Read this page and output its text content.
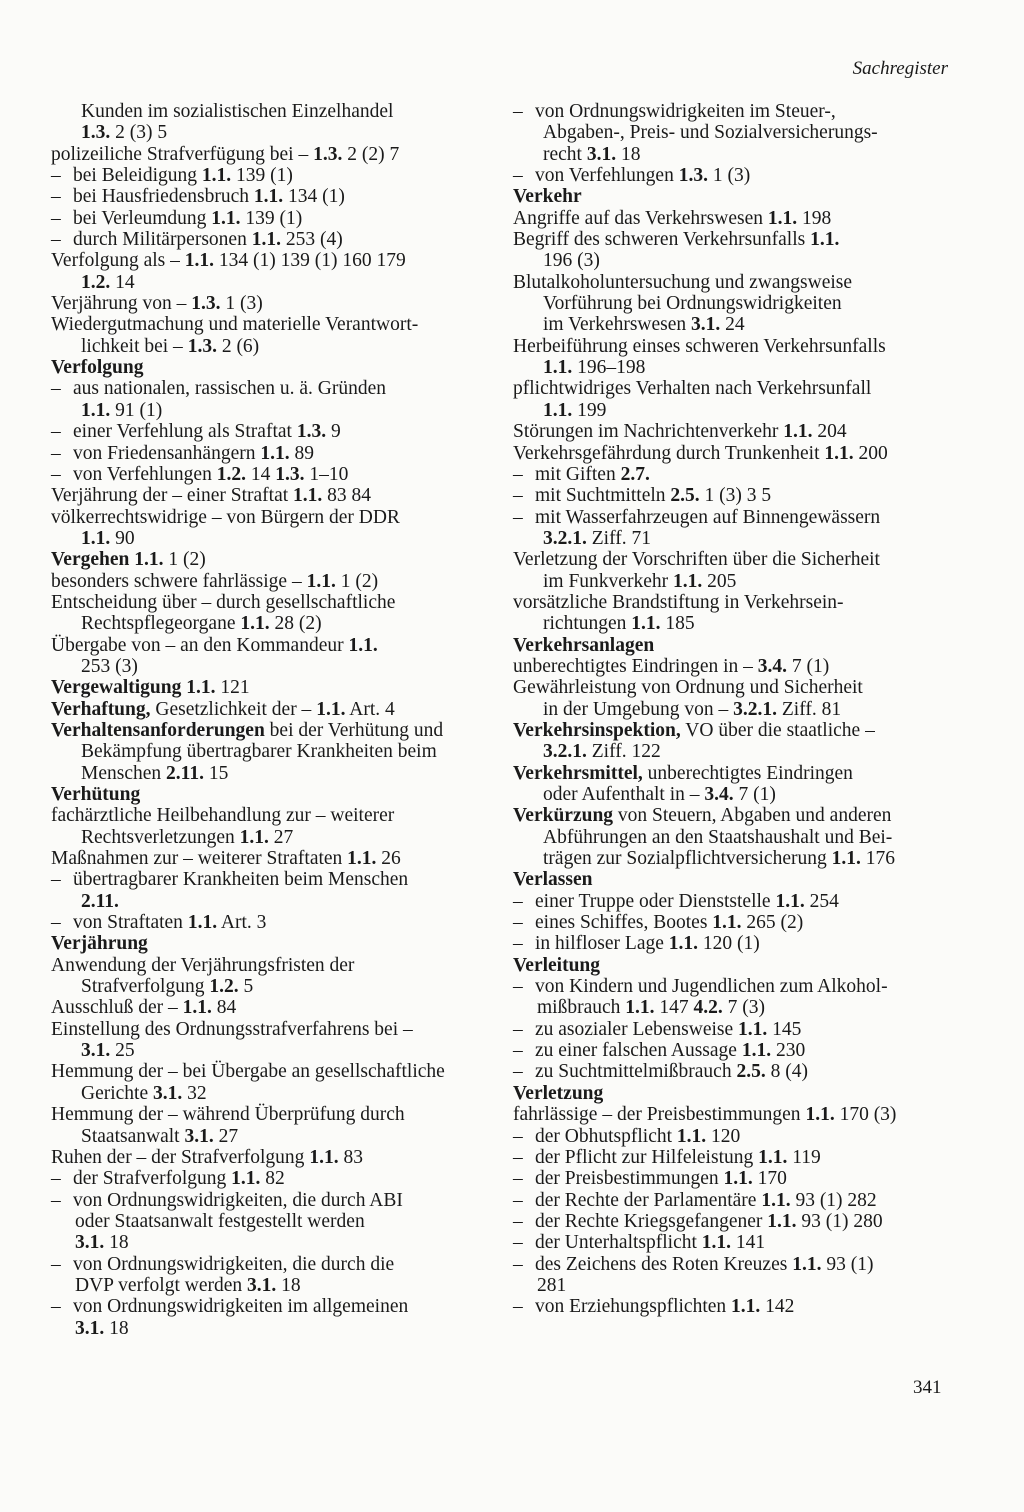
Sachregister
Kunden im sozialistischen Einzelhandel
1.3. 2 (3) 5
polizeiliche Strafverfügung bei – 1.3. 2 (2) 7
– bei Beleidigung 1.1. 139 (1)
– bei Hausfriedensbruch 1.1. 134 (1)
– bei Verleumdung 1.1. 139 (1)
– durch Militärpersonen 1.1. 253 (4)
Verfolgung als – 1.1. 134 (1) 139 (1) 160 179
1.2. 14
Verjährung von – 1.3. 1 (3)
Wiedergutmachung und materielle Verantwort-
lichkeit bei – 1.3. 2 (6)
Verfolgung
– aus nationalen, rassischen u. ä. Gründen
1.1. 91 (1)
– einer Verfehlung als Straftat 1.3. 9
– von Friedensanhängern 1.1. 89
– von Verfehlungen 1.2. 14 1.3. 1–10
Verjährung der – einer Straftat 1.1. 83 84
völkerrechtswidrige – von Bürgern der DDR
1.1. 90
Vergehen 1.1. 1 (2)
besonders schwere fahrlässige – 1.1. 1 (2)
Entscheidung über – durch gesellschaftliche
Rechtspflegeorgane 1.1. 28 (2)
Übergabe von – an den Kommandeur 1.1.
253 (3)
Vergewaltigung 1.1. 121
Verhaftung, Gesetzlichkeit der – 1.1. Art. 4
Verhaltensanforderungen bei der Verhütung und
Bekämpfung übertragbarer Krankheiten beim
Menschen 2.11. 15
Verhütung
fachärztliche Heilbehandlung zur – weiterer
Rechtsverletzungen 1.1. 27
Maßnahmen zur – weiterer Straftaten 1.1. 26
– übertragbarer Krankheiten beim Menschen
2.11.
– von Straftaten 1.1. Art. 3
Verjährung
Anwendung der Verjährungsfristen der
Strafverfolgung 1.2. 5
Ausschluß der – 1.1. 84
Einstellung des Ordnungsstrafverfahrens bei –
3.1. 25
Hemmung der – bei Übergabe an gesellschaftliche
Gerichte 3.1. 32
Hemmung der – während Überprüfung durch
Staatsanwalt 3.1. 27
Ruhen der – der Strafverfolgung 1.1. 83
– der Strafverfolgung 1.1. 82
– von Ordnungswidrigkeiten, die durch ABI
oder Staatsanwalt festgestellt werden
3.1. 18
– von Ordnungswidrigkeiten, die durch die
DVP verfolgt werden 3.1. 18
– von Ordnungswidrigkeiten im allgemeinen
3.1. 18
– von Ordnungswidrigkeiten im Steuer-,
Abgaben-, Preis- und Sozialversicherungs-
recht 3.1. 18
– von Verfehlungen 1.3. 1 (3)
Verkehr
Angriffe auf das Verkehrswesen 1.1. 198
Begriff des schweren Verkehrsunfalls 1.1.
196 (3)
Blutalkoholuntersuchung und zwangsweise
Vorführung bei Ordnungswidrigkeiten
im Verkehrswesen 3.1. 24
Herbeiführung einses schweren Verkehrsunfalls
1.1. 196–198
pflichtwidriges Verhalten nach Verkehrsunfall
1.1. 199
Störungen im Nachrichtenverkehr 1.1. 204
Verkehrsgefährdung durch Trunkenheit 1.1. 200
– mit Giften 2.7.
– mit Suchtmitteln 2.5. 1 (3) 3 5
– mit Wasserfahrzeugen auf Binnengewässern
3.2.1. Ziff. 71
Verletzung der Vorschriften über die Sicherheit
im Funkverkehr 1.1. 205
vorsätzliche Brandstiftung in Verkehrsein-
richtungen 1.1. 185
Verkehrsanlagen
unberechtigtes Eindringen in – 3.4. 7 (1)
Gewährleistung von Ordnung und Sicherheit
in der Umgebung von – 3.2.1. Ziff. 81
Verkehrsinspektion, VO über die staatliche –
3.2.1. Ziff. 122
Verkehrsmittel, unberechtigtes Eindringen
oder Aufenthalt in – 3.4. 7 (1)
Verkürzung von Steuern, Abgaben und anderen
Abführungen an den Staatshaushalt und Bei-
trägen zur Sozialpflichtversicherung 1.1. 176
Verlassen
– einer Truppe oder Dienststelle 1.1. 254
– eines Schiffes, Bootes 1.1. 265 (2)
– in hilfloser Lage 1.1. 120 (1)
Verleitung
– von Kindern und Jugendlichen zum Alkohol-
mißbrauch 1.1. 147 4.2. 7 (3)
– zu asozialer Lebensweise 1.1. 145
– zu einer falschen Aussage 1.1. 230
– zu Suchtmittelmißbrauch 2.5. 8 (4)
Verletzung
fahrlässige – der Preisbestimmungen 1.1. 170 (3)
– der Obhutspflicht 1.1. 120
– der Pflicht zur Hilfeleistung 1.1. 119
– der Preisbestimmungen 1.1. 170
– der Rechte der Parlamentäre 1.1. 93 (1) 282
– der Rechte Kriegsgefangener 1.1. 93 (1) 280
– der Unterhaltspflicht 1.1. 141
– des Zeichens des Roten Kreuzes 1.1. 93 (1)
281
– von Erziehungspflichten 1.1. 142
341
